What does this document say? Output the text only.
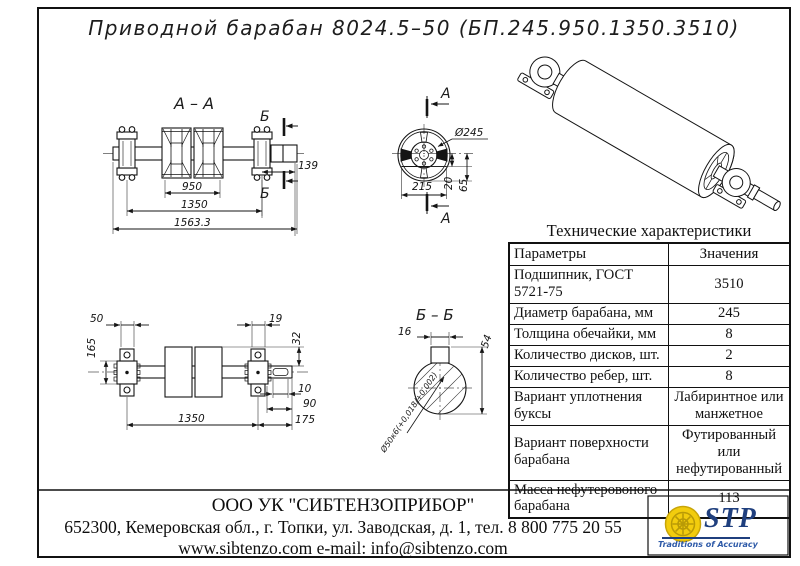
Приводной барабан 8024.5–50 (БП.245.950.1350.3510)
А – А
Б
Б
А
А
Б – Б
950
1350
1563.3
139
Ø245
215 20 65
16
54
Ø50к6(+0,018/+0,002)
50
165
19
32
10
90
1350	175
Технические характеристики
Параметры	Значения
Подшипник, ГОСТ 5721-75	3510
Диаметр барабана, мм	245
Толщина обечайки, мм	8
Количество дисков, шт.	2
Количество ребер, шт.	8
Вариант уплотнения буксы	Лабиринтное или манжетное
Вариант поверхности барабана	Футированный или нефутированный
Масса нефутеровоного барабана	113
ООО УК "СИБТЕНЗОПРИБОР"
652300, Кемеровская обл., г. Топки, ул. Заводская, д. 1, тел. 8 800 775 20 55
www.sibtenzo.com e-mail: info@sibtenzo.com
STP
Traditions of Accuracy
